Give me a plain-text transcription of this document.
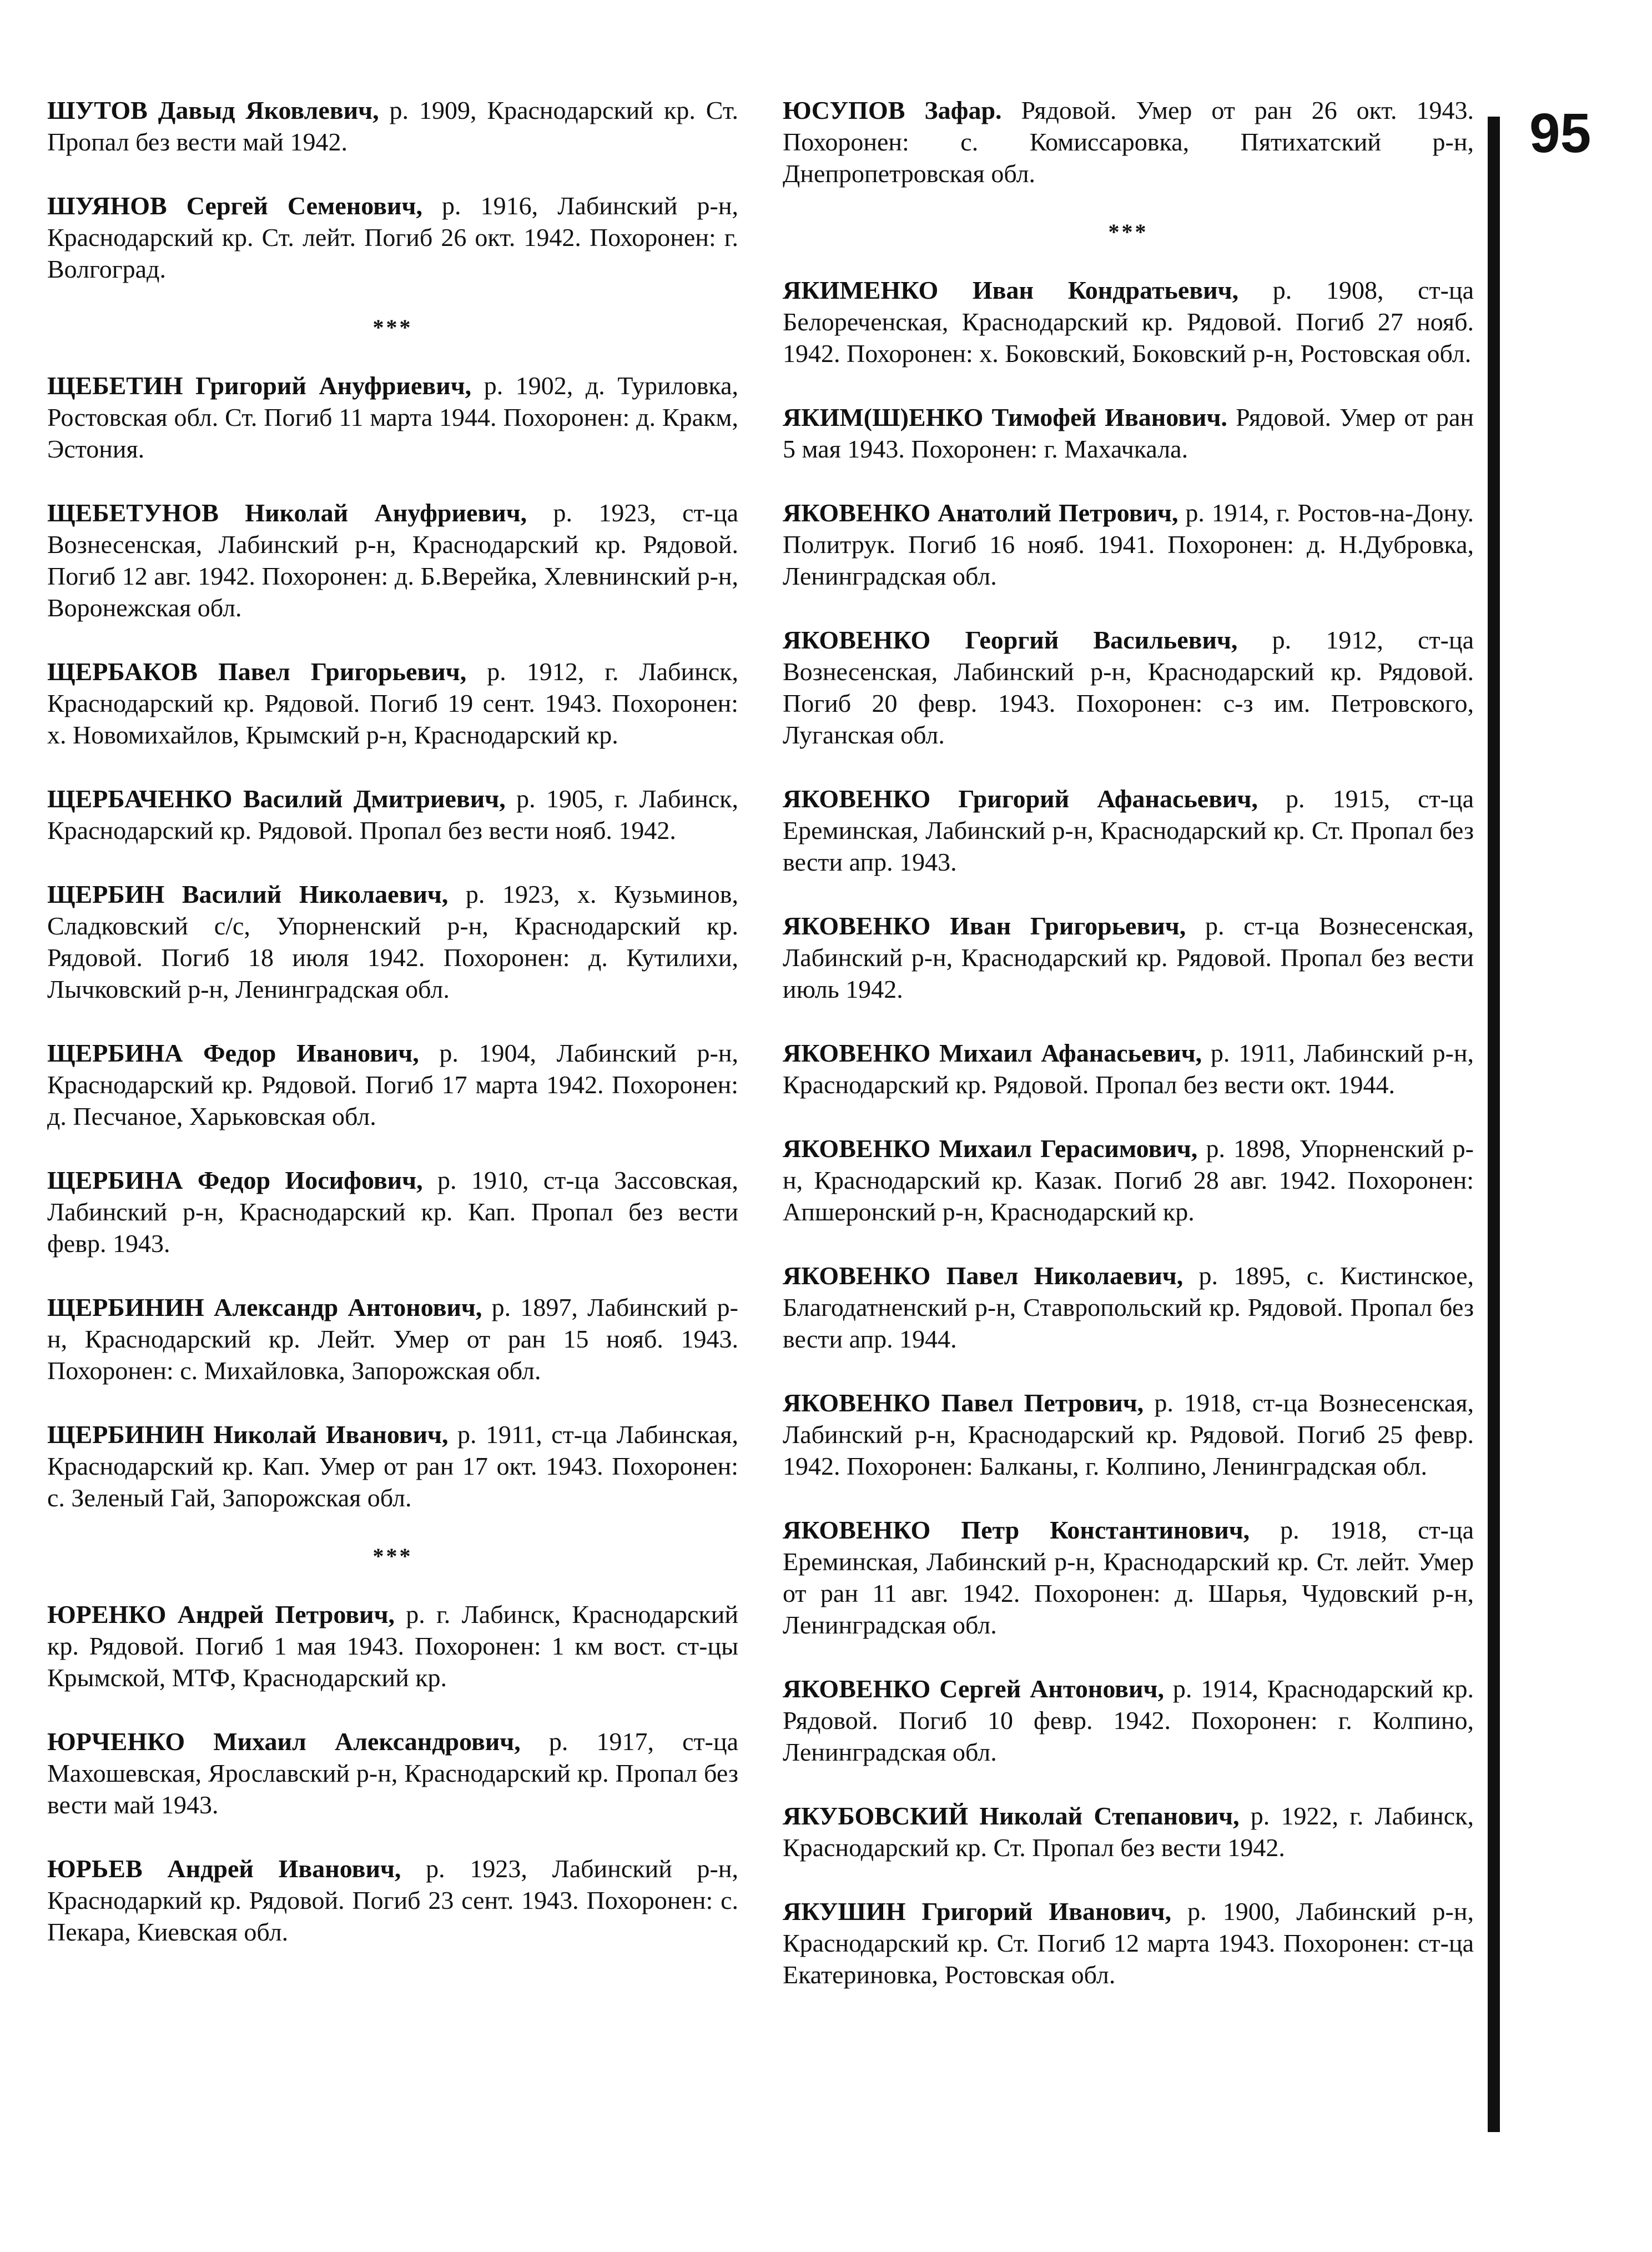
ШУТОВ Давыд Яковлевич, р. 1909, Краснодарский кр. Ст. Пропал без вести май 1942.

ШУЯНОВ Сергей Семенович, р. 1916, Лабинский р-н, Краснодарский кр. Ст. лейт. Погиб 26 окт. 1942. Похоронен: г. Волгоград.

***

ЩЕБЕТИН Григорий Ануфриевич, р. 1902, д. Туриловка, Ростовская обл. Ст. Погиб 11 марта 1944. Похоронен: д. Кракм, Эстония.

ЩЕБЕТУНОВ Николай Ануфриевич, р. 1923, ст-ца Вознесенская, Лабинский р-н, Краснодарский кр. Рядовой. Погиб 12 авг. 1942. Похоронен: д. Б.Верейка, Хлевнинский р-н, Воронежская обл.

ЩЕРБАКОВ Павел Григорьевич, р. 1912, г. Лабинск, Краснодарский кр. Рядовой. Погиб 19 сент. 1943. Похоронен: х. Новомихайлов, Крымский р-н, Краснодарский кр.

ЩЕРБАЧЕНКО Василий Дмитриевич, р. 1905, г. Лабинск, Краснодарский кр. Рядовой. Пропал без вести нояб. 1942.

ЩЕРБИН Василий Николаевич, р. 1923, х. Кузьминов, Сладковский с/с, Упорненский р-н, Краснодарский кр. Рядовой. Погиб 18 июля 1942. Похоронен: д. Кутилихи, Лычковский р-н, Ленинградская обл.

ЩЕРБИНА Федор Иванович, р. 1904, Лабинский р-н, Краснодарский кр. Рядовой. Погиб 17 марта 1942. Похоронен: д. Песчаное, Харьковская обл.

ЩЕРБИНА Федор Иосифович, р. 1910, ст-ца Зассовская, Лабинский р-н, Краснодарский кр. Кап. Пропал без вести февр. 1943.

ЩЕРБИНИН Александр Антонович, р. 1897, Лабинский р-н, Краснодарский кр. Лейт. Умер от ран 15 нояб. 1943. Похоронен: с. Михайловка, Запорожская обл.

ЩЕРБИНИН Николай Иванович, р. 1911, ст-ца Лабинская, Краснодарский кр. Кап. Умер от ран 17 окт. 1943. Похоронен: с. Зеленый Гай, Запорожская обл.

***

ЮРЕНКО Андрей Петрович, р. г. Лабинск, Краснодарский кр. Рядовой. Погиб 1 мая 1943. Похоронен: 1 км вост. ст-цы Крымской, МТФ, Краснодарский кр.

ЮРЧЕНКО Михаил Александрович, р. 1917, ст-ца Махошевская, Ярославский р-н, Краснодарский кр. Пропал без вести май 1943.

ЮРЬЕВ Андрей Иванович, р. 1923, Лабинский р-н, Краснодаркий кр. Рядовой. Погиб 23 сент. 1943. Похоронен: с. Пекара, Киевская обл.

ЮСУПОВ Зафар. Рядовой. Умер от ран 26 окт. 1943. Похоронен: с. Комиссаровка, Пятихатский р-н, Днепропетровская обл.

***

ЯКИМЕНКО Иван Кондратьевич, р. 1908, ст-ца Белореченская, Краснодарский кр. Рядовой. Погиб 27 нояб. 1942. Похоронен: х. Боковский, Боковский р-н, Ростовская обл.

ЯКИМ(Ш)ЕНКО Тимофей Иванович. Рядовой. Умер от ран 5 мая 1943. Похоронен: г. Махачкала.

ЯКОВЕНКО Анатолий Петрович, р. 1914, г. Ростов-на-Дону. Политрук. Погиб 16 нояб. 1941. Похоронен: д. Н.Дубровка, Ленинградская обл.

ЯКОВЕНКО Георгий Васильевич, р. 1912, ст-ца Вознесенская, Лабинский р-н, Краснодарский кр. Рядовой. Погиб 20 февр. 1943. Похоронен: с-з им. Петровского, Луганская обл.

ЯКОВЕНКО Григорий Афанасьевич, р. 1915, ст-ца Ереминская, Лабинский р-н, Краснодарский кр. Ст. Пропал без вести апр. 1943.

ЯКОВЕНКО Иван Григорьевич, р. ст-ца Вознесенская, Лабинский р-н, Краснодарский кр. Рядовой. Пропал без вести июль 1942.

ЯКОВЕНКО Михаил Афанасьевич, р. 1911, Лабинский р-н, Краснодарский кр. Рядовой. Пропал без вести окт. 1944.

ЯКОВЕНКО Михаил Герасимович, р. 1898, Упорненский р-н, Краснодарский кр. Казак. Погиб 28 авг. 1942. Похоронен: Апшеронский р-н, Краснодарский кр.

ЯКОВЕНКО Павел Николаевич, р. 1895, с. Кистинское, Благодатненский р-н, Ставропольский кр. Рядовой. Пропал без вести апр. 1944.

ЯКОВЕНКО Павел Петрович, р. 1918, ст-ца Вознесенская, Лабинский р-н, Краснодарский кр. Рядовой. Погиб 25 февр. 1942. Похоронен: Балканы, г. Колпино, Ленинградская обл.

ЯКОВЕНКО Петр Константинович, р. 1918, ст-ца Ереминская, Лабинский р-н, Краснодарский кр. Ст. лейт. Умер от ран 11 авг. 1942. Похоронен: д. Шарья, Чудовский р-н, Ленинградская обл.

ЯКОВЕНКО Сергей Антонович, р. 1914, Краснодарский кр. Рядовой. Погиб 10 февр. 1942. Похоронен: г. Колпино, Ленинградская обл.

ЯКУБОВСКИЙ Николай Степанович, р. 1922, г. Лабинск, Краснодарский кр. Ст. Пропал без вести 1942.

ЯКУШИН Григорий Иванович, р. 1900, Лабинский р-н, Краснодарский кр. Ст. Погиб 12 марта 1943. Похоронен: ст-ца Екатериновка, Ростовская обл.

95
